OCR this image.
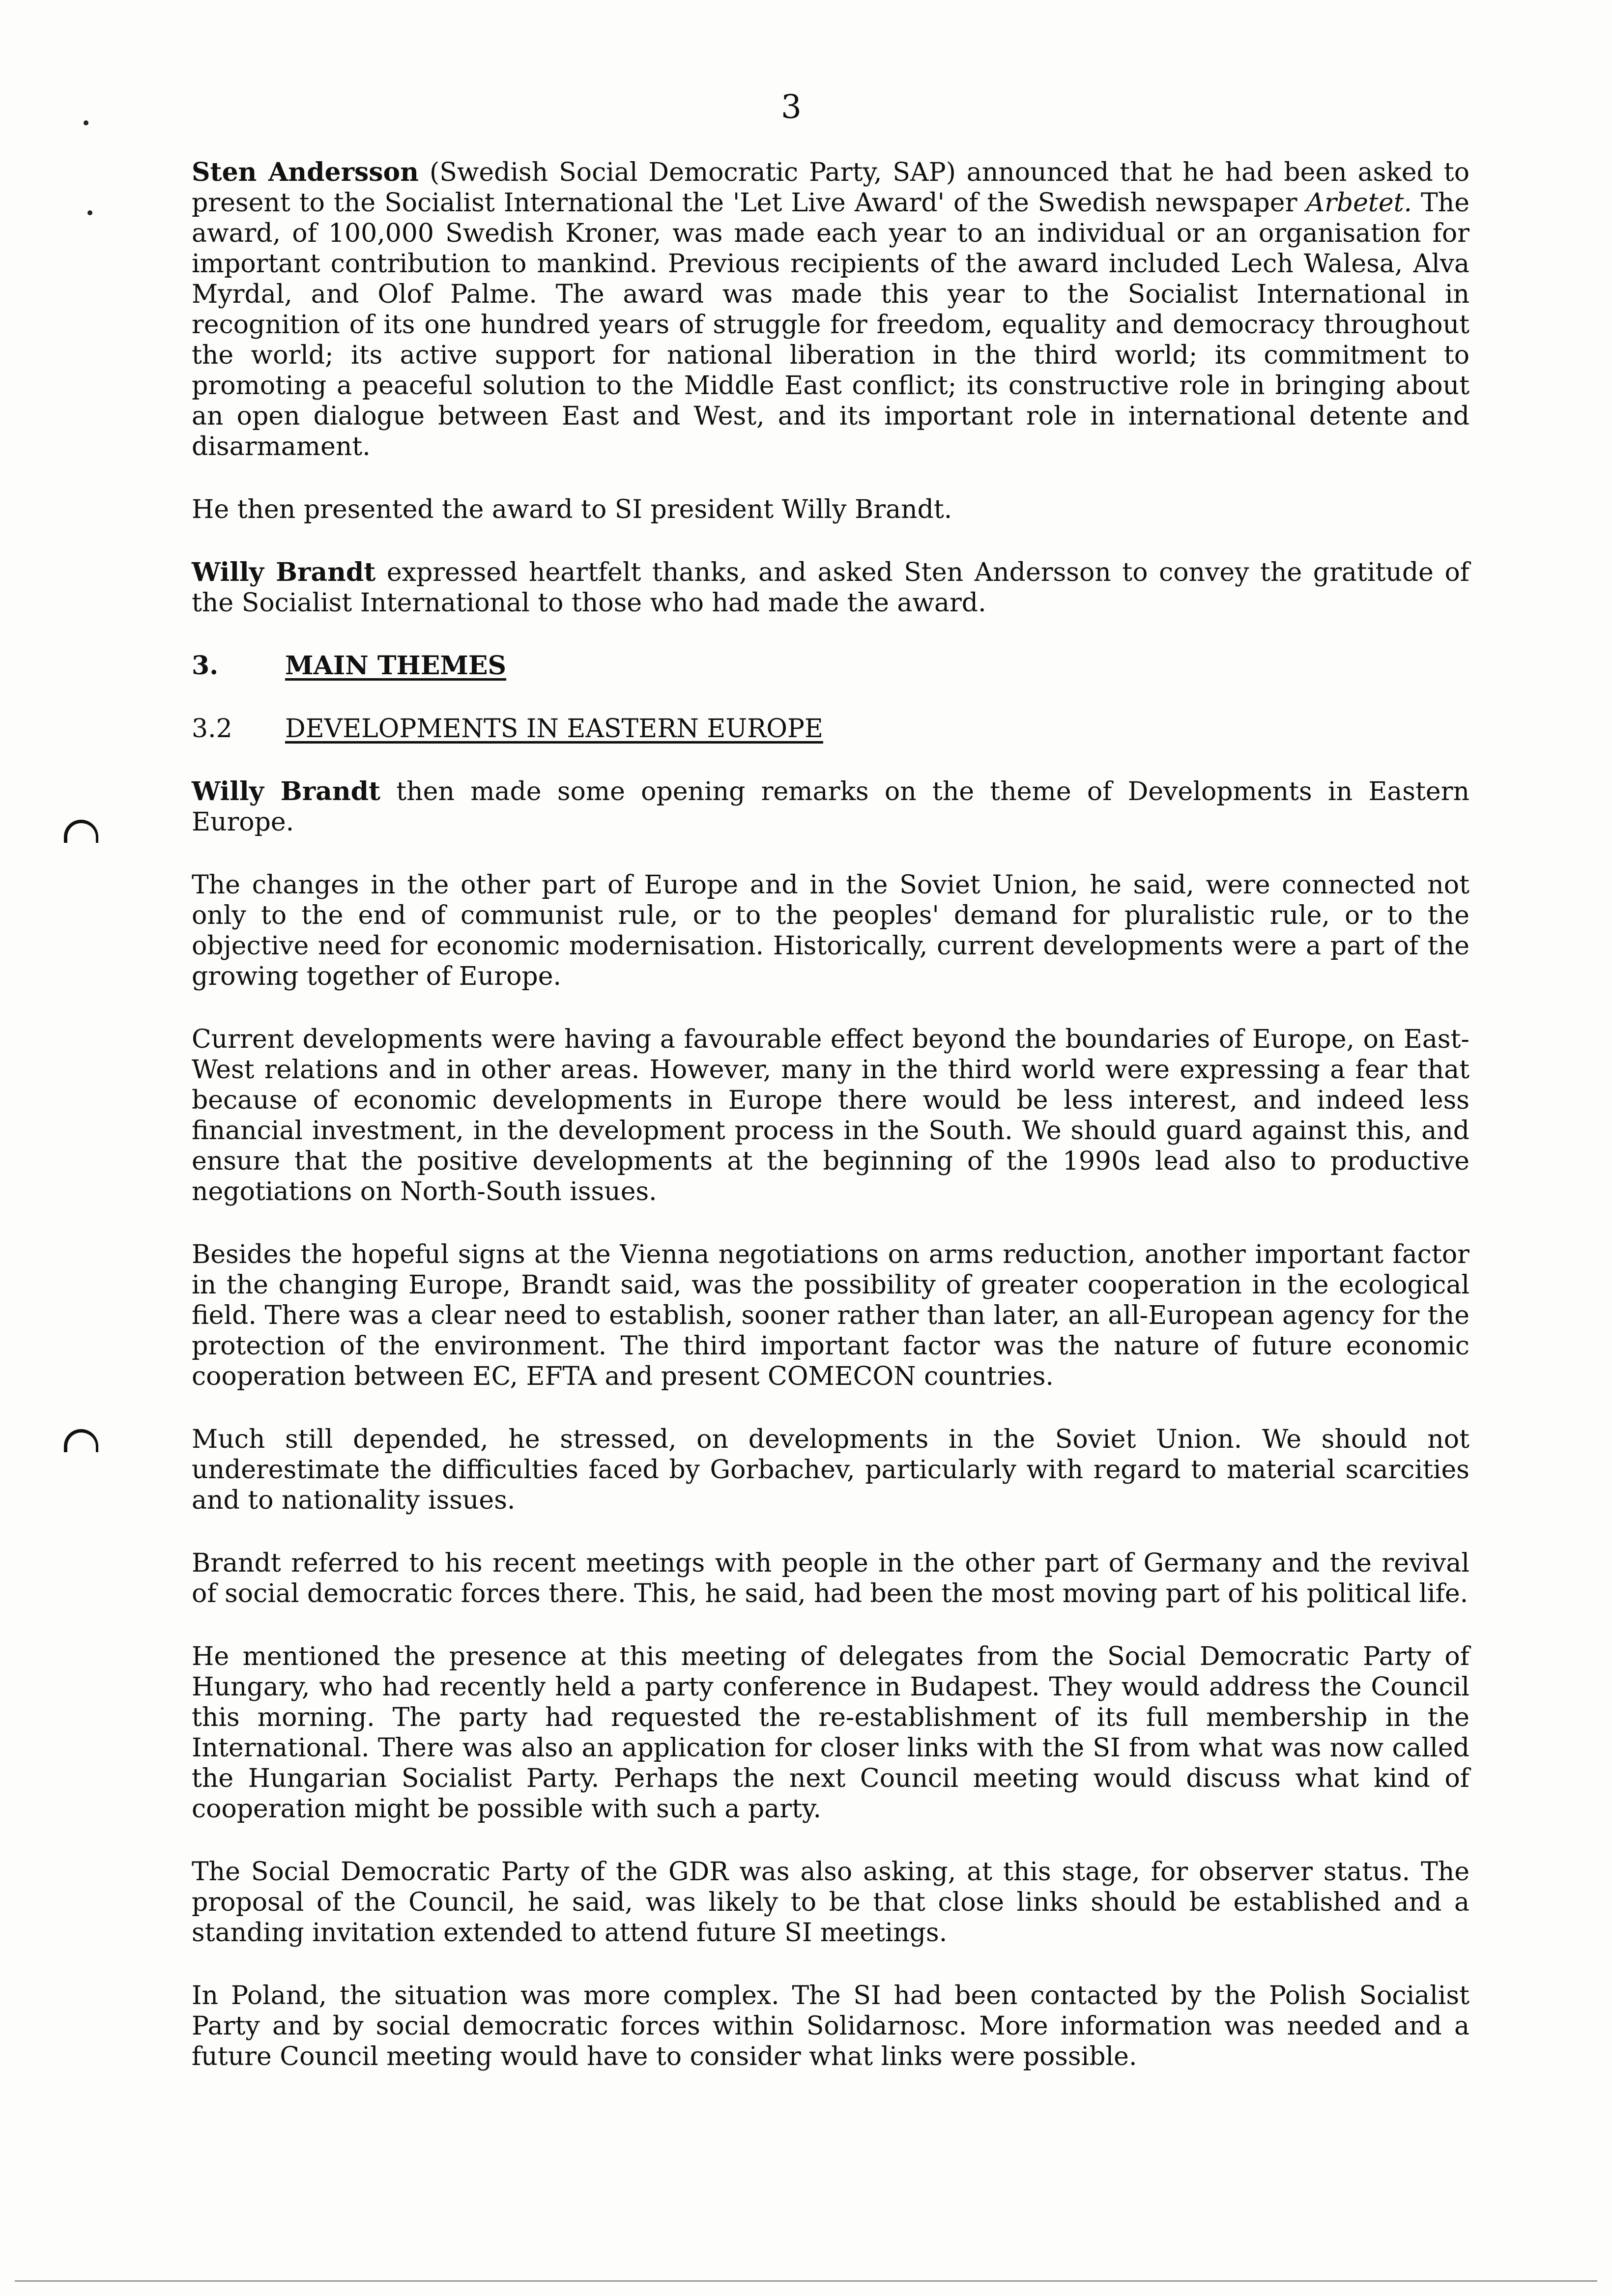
3

Sten Andersson (Swedish Social Democratic Party, SAP) announced that he had been asked to present to the Socialist International the 'Let Live Award' of the Swedish newspaper Arbetet. The award, of 100,000 Swedish Kroner, was made each year to an individual or an organisation for important contribution to mankind. Previous recipients of the award included Lech Walesa, Alva Myrdal, and Olof Palme. The award was made this year to the Socialist International in recognition of its one hundred years of struggle for freedom, equality and democracy throughout the world; its active support for national liberation in the third world; its commitment to promoting a peaceful solution to the Middle East conflict; its constructive role in bringing about an open dialogue between East and West, and its important role in international detente and disarmament.

He then presented the award to SI president Willy Brandt.

Willy Brandt expressed heartfelt thanks, and asked Sten Andersson to convey the gratitude of the Socialist International to those who had made the award.

3.	MAIN THEMES
3.2	DEVELOPMENTS IN EASTERN EUROPE

Willy Brandt then made some opening remarks on the theme of Developments in Eastern Europe.

The changes in the other part of Europe and in the Soviet Union, he said, were connected not only to the end of communist rule, or to the peoples' demand for pluralistic rule, or to the objective need for economic modernisation. Historically, current developments were a part of the growing together of Europe.

Current developments were having a favourable effect beyond the boundaries of Europe, on East-West relations and in other areas. However, many in the third world were expressing a fear that because of economic developments in Europe there would be less interest, and indeed less financial investment, in the development process in the South. We should guard against this, and ensure that the positive developments at the beginning of the 1990s lead also to productive negotiations on North-South issues.

Besides the hopeful signs at the Vienna negotiations on arms reduction, another important factor in the changing Europe, Brandt said, was the possibility of greater cooperation in the ecological field. There was a clear need to establish, sooner rather than later, an all-European agency for the protection of the environment. The third important factor was the nature of future economic cooperation between EC, EFTA and present COMECON countries.

Much still depended, he stressed, on developments in the Soviet Union. We should not underestimate the difficulties faced by Gorbachev, particularly with regard to material scarcities and to nationality issues.

Brandt referred to his recent meetings with people in the other part of Germany and the revival of social democratic forces there. This, he said, had been the most moving part of his political life.

He mentioned the presence at this meeting of delegates from the Social Democratic Party of Hungary, who had recently held a party conference in Budapest. They would address the Council this morning. The party had requested the re-establishment of its full membership in the International. There was also an application for closer links with the SI from what was now called the Hungarian Socialist Party. Perhaps the next Council meeting would discuss what kind of cooperation might be possible with such a party.

The Social Democratic Party of the GDR was also asking, at this stage, for observer status. The proposal of the Council, he said, was likely to be that close links should be established and a standing invitation extended to attend future SI meetings.

In Poland, the situation was more complex. The SI had been contacted by the Polish Socialist Party and by social democratic forces within Solidarnosc. More information was needed and a future Council meeting would have to consider what links were possible.
